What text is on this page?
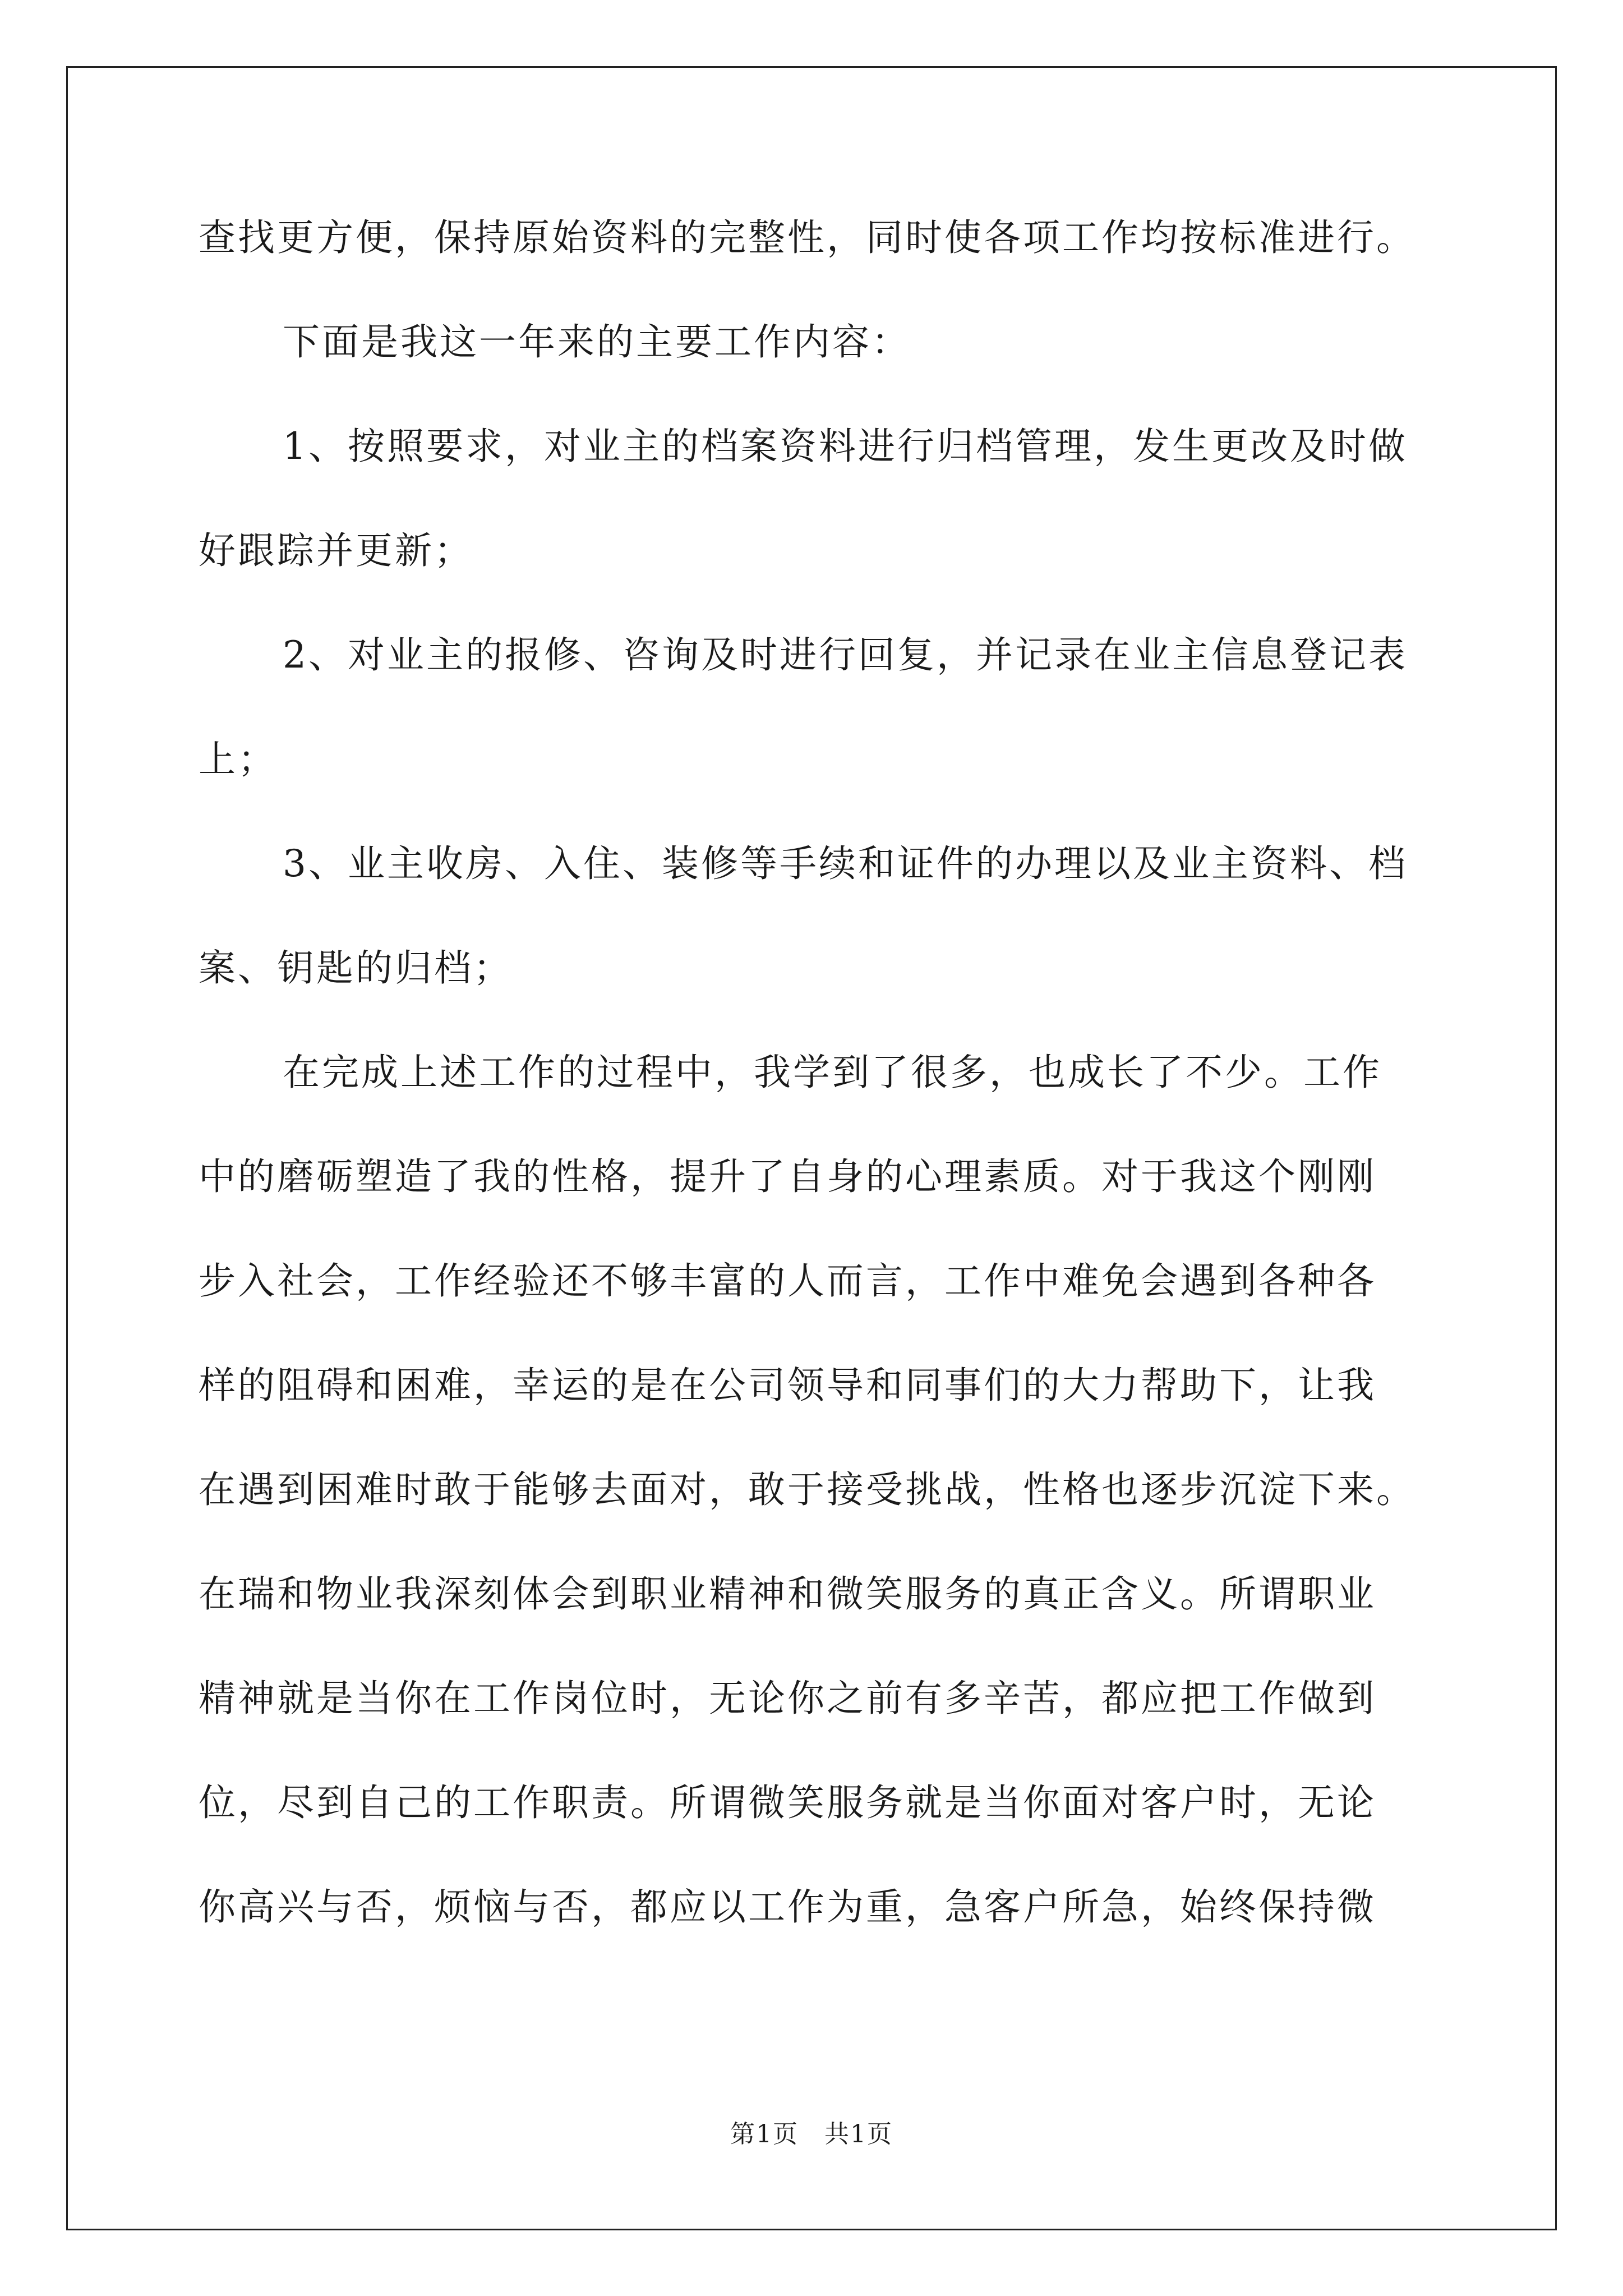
查找更方便，保持原始资料的完整性，同时使各项工作均按标准进行。
下面是我这一年来的主要工作内容：
1、按照要求，对业主的档案资料进行归档管理，发生更改及时做
好跟踪并更新；
2、对业主的报修、咨询及时进行回复，并记录在业主信息登记表
上；
3、业主收房、入住、装修等手续和证件的办理以及业主资料、档
案、钥匙的归档；
在完成上述工作的过程中，我学到了很多，也成长了不少。工作
中的磨砺塑造了我的性格，提升了自身的心理素质。对于我这个刚刚
步入社会，工作经验还不够丰富的人而言，工作中难免会遇到各种各
样的阻碍和困难，幸运的是在公司领导和同事们的大力帮助下，让我
在遇到困难时敢于能够去面对，敢于接受挑战，性格也逐步沉淀下来。
在瑞和物业我深刻体会到职业精神和微笑服务的真正含义。所谓职业
精神就是当你在工作岗位时，无论你之前有多辛苦，都应把工作做到
位，尽到自己的工作职责。所谓微笑服务就是当你面对客户时，无论
你高兴与否，烦恼与否，都应以工作为重，急客户所急，始终保持微
第1页　共1页
